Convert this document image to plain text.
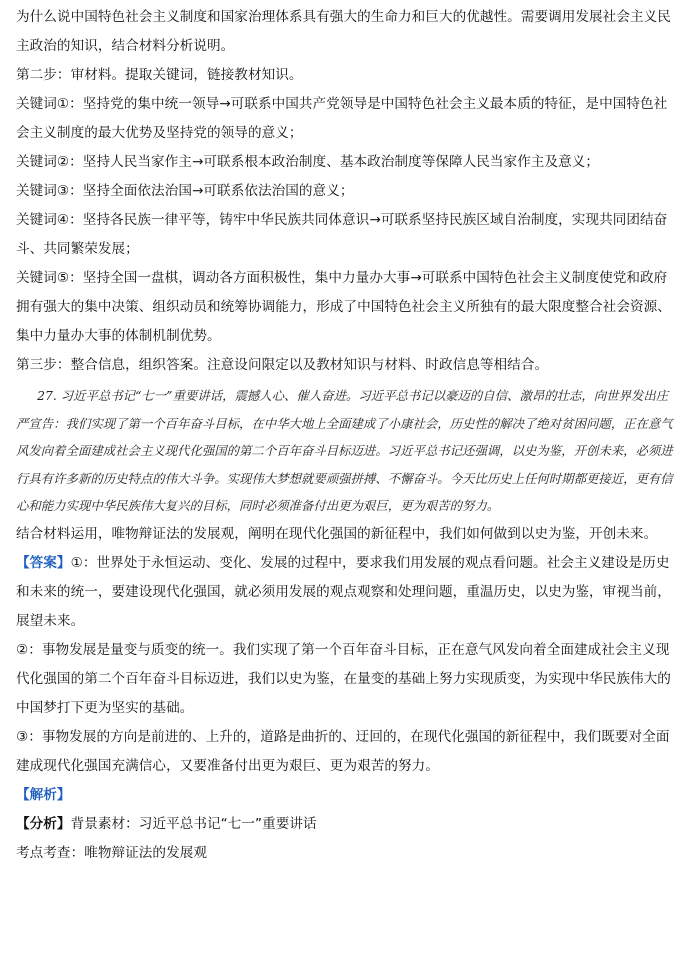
为什么说中国特色社会主义制度和国家治理体系具有强大的生命力和巨大的优越性。需要调用发展社会主义民主政治的知识，结合材料分析说明。

第二步：审材料。提取关键词，链接教材知识。

关键词①：坚持党的集中统一领导→可联系中国共产党领导是中国特色社会主义最本质的特征，是中国特色社会主义制度的最大优势及坚持党的领导的意义；

关键词②：坚持人民当家作主→可联系根本政治制度、基本政治制度等保障人民当家作主及意义；

关键词③：坚持全面依法治国→可联系依法治国的意义；

关键词④：坚持各民族一律平等，铸牢中华民族共同体意识→可联系坚持民族区域自治制度，实现共同团结奋斗、共同繁荣发展；

关键词⑤：坚持全国一盘棋，调动各方面积极性，集中力量办大事→可联系中国特色社会主义制度使党和政府拥有强大的集中决策、组织动员和统筹协调能力，形成了中国特色社会主义所独有的最大限度整合社会资源、集中力量办大事的体制机制优势。

第三步：整合信息，组织答案。注意设问限定以及教材知识与材料、时政信息等相结合。

27. 习近平总书记“七一”重要讲话，震撼人心、催人奋进。习近平总书记以豪迈的自信、激昂的壮志，向世界发出庄严宣告：我们实现了第一个百年奋斗目标，在中华大地上全面建成了小康社会，历史性的解决了绝对贫困问题，正在意气风发向着全面建成社会主义现代化强国的第二个百年奋斗目标迈进。习近平总书记还强调，以史为鉴，开创未来，必须进行具有许多新的历史特点的伟大斗争。实现伟大梦想就要顽强拼搏、不懈奋斗。今天比历史上任何时期都更接近，更有信心和能力实现中华民族伟大复兴的目标，同时必须准备付出更为艰巨，更为艰苦的努力。

结合材料运用，唯物辩证法的发展观，阐明在现代化强国的新征程中，我们如何做到以史为鉴，开创未来。

【答案】①：世界处于永恒运动、变化、发展的过程中，要求我们用发展的观点看问题。社会主义建设是历史和未来的统一，要建设现代化强国，就必须用发展的观点观察和处理问题，重温历史，以史为鉴，审视当前，展望未来。

②：事物发展是量变与质变的统一。我们实现了第一个百年奋斗目标，正在意气风发向着全面建成社会主义现代化强国的第二个百年奋斗目标迈进，我们以史为鉴，在量变的基础上努力实现质变，为实现中华民族伟大的中国梦打下更为坚实的基础。

③：事物发展的方向是前进的、上升的，道路是曲折的、迂回的，在现代化强国的新征程中，我们既要对全面建成现代化强国充满信心，又要准备付出更为艰巨、更为艰苦的努力。

【解析】

【分析】背景素材：习近平总书记“七一”重要讲话

考点考查：唯物辩证法的发展观
